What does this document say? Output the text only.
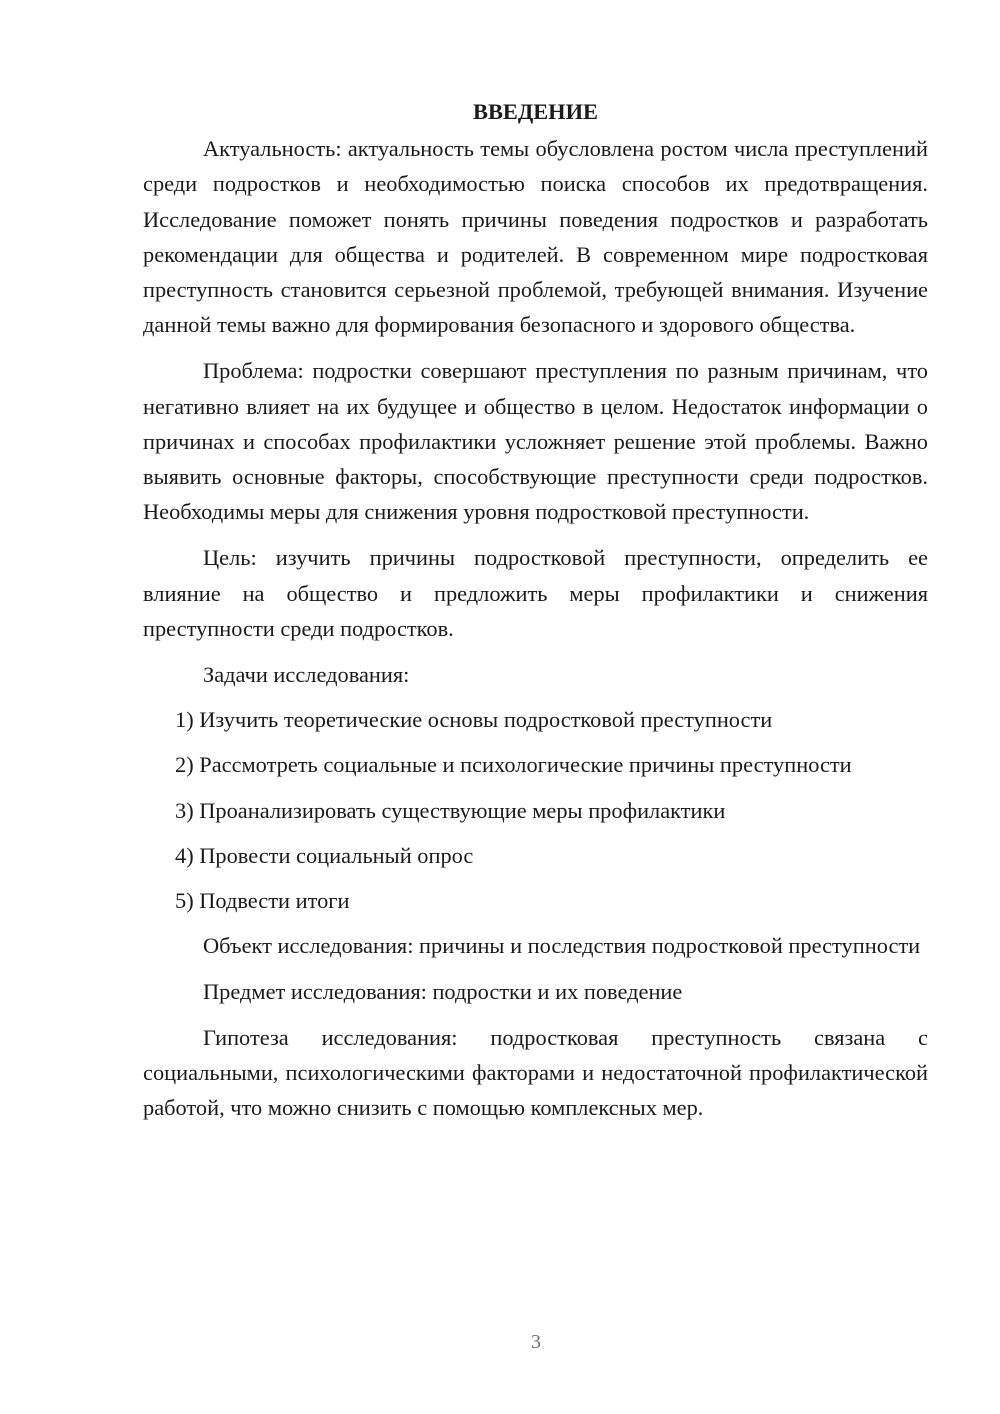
ВВЕДЕНИЕ

Актуальность: актуальность темы обусловлена ростом числа преступлений среди подростков и необходимостью поиска способов их предотвращения. Исследование поможет понять причины поведения подростков и разработать рекомендации для общества и родителей. В современном мире подростковая преступность становится серьезной проблемой, требующей внимания. Изучение данной темы важно для формирования безопасного и здорового общества.

Проблема: подростки совершают преступления по разным причинам, что негативно влияет на их будущее и общество в целом. Недостаток информации о причинах и способах профилактики усложняет решение этой проблемы. Важно выявить основные факторы, способствующие преступности среди подростков. Необходимы меры для снижения уровня подростковой преступности.

Цель: изучить причины подростковой преступности, определить ее влияние на общество и предложить меры профилактики и снижения преступности среди подростков.

Задачи исследования:

1) Изучить теоретические основы подростковой преступности

2) Рассмотреть социальные и психологические причины преступности

3) Проанализировать существующие меры профилактики

4) Провести социальный опрос

5) Подвести итоги

Объект исследования: причины и последствия подростковой преступности

Предмет исследования: подростки и их поведение

Гипотеза исследования: подростковая преступность связана с социальными, психологическими факторами и недостаточной профилактической работой, что можно снизить с помощью комплексных мер.

3
